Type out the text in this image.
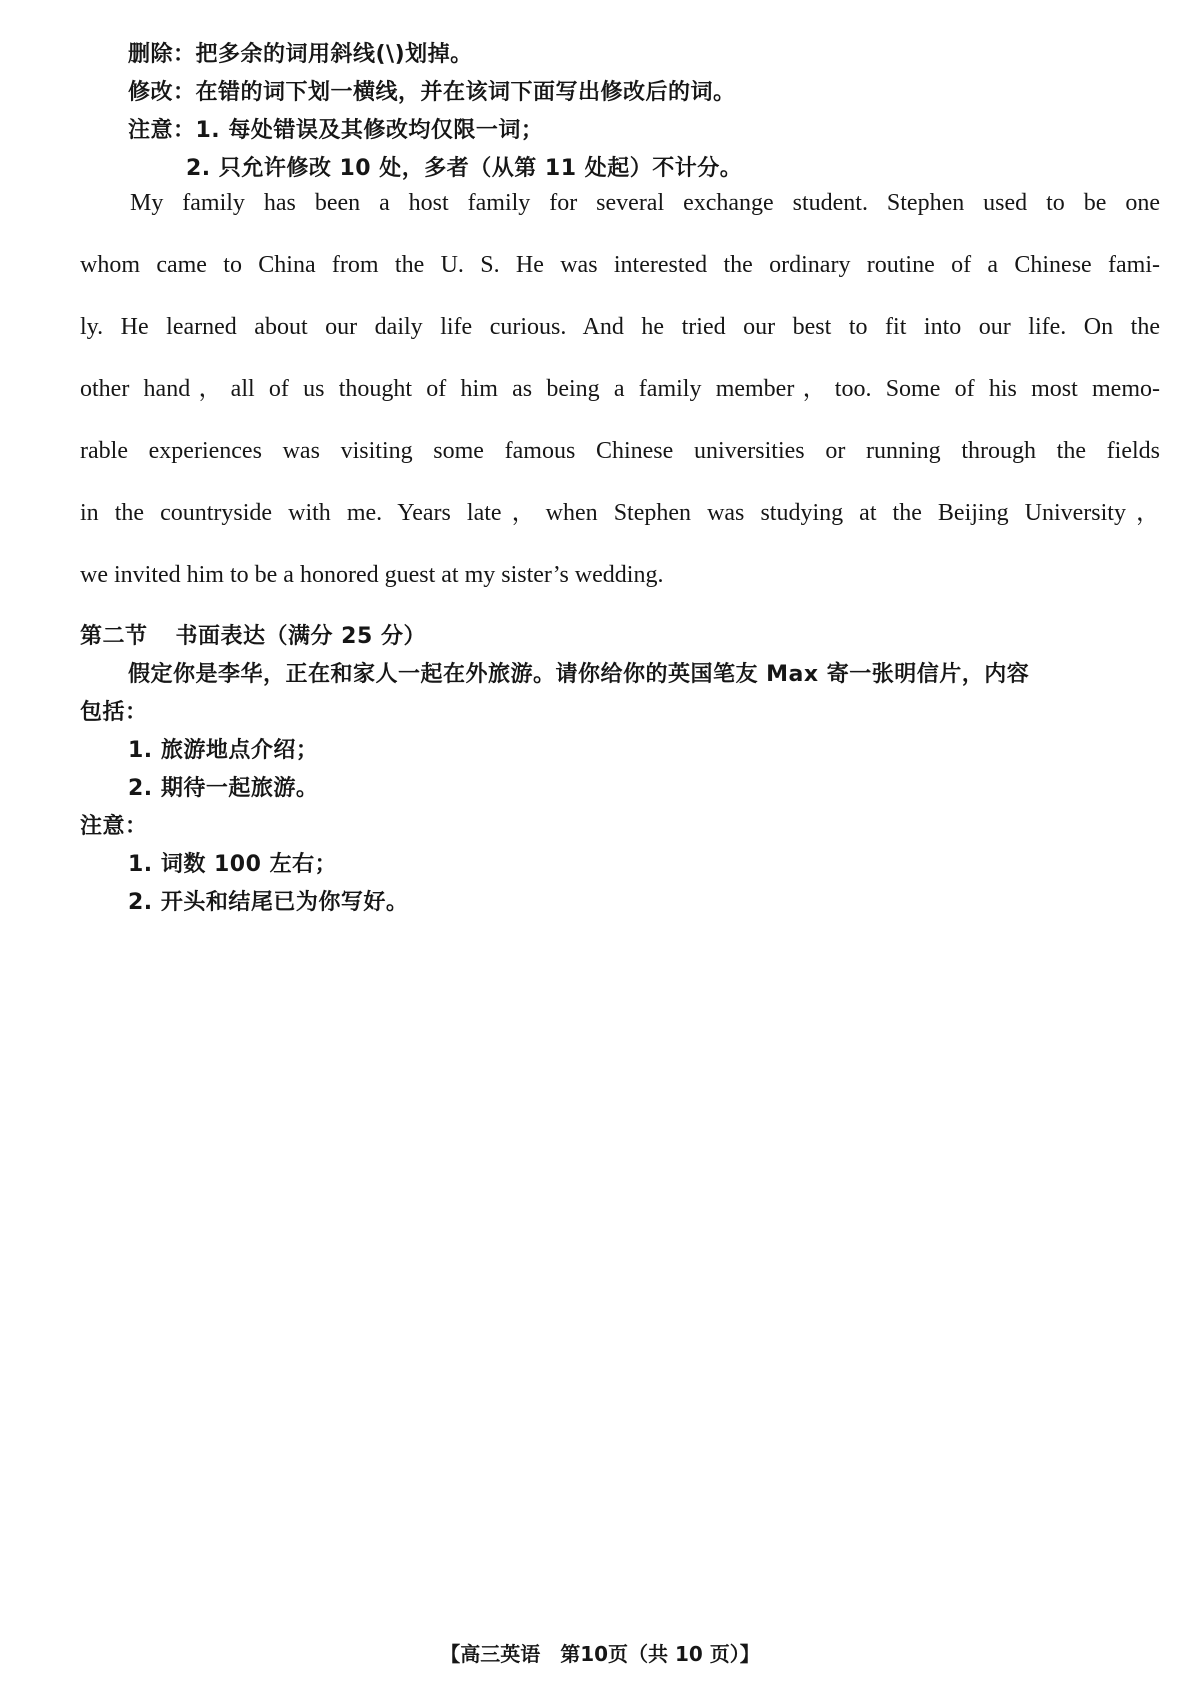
删除：把多余的词用斜线(\)划掉。
修改：在错的词下划一横线，并在该词下面写出修改后的词。
注意：1. 每处错误及其修改均仅限一词；
2. 只允许修改 10 处，多者（从第 11 处起）不计分。
My family has been a host family for several exchange student. Stephen used to be one
whom came to China from the U. S. He was interested the ordinary routine of a Chinese fami-
ly. He learned about our daily life curious. And he tried our best to fit into our life. On the
other hand，all of us thought of him as being a family member，too. Some of his most memo-
rable experiences was visiting some famous Chinese universities or running through the fields
in the countryside with me. Years late，when Stephen was studying at the Beijing University，
we invited him to be a honored guest at my sister’s wedding.
第二节 书面表达（满分 25 分）
假定你是李华，正在和家人一起在外旅游。请你给你的英国笔友 Max 寄一张明信片，内容
包括：
1. 旅游地点介绍；
2. 期待一起旅游。
注意：
1. 词数 100 左右；
2. 开头和结尾已为你写好。
【高三英语　第10页（共 10 页）】
